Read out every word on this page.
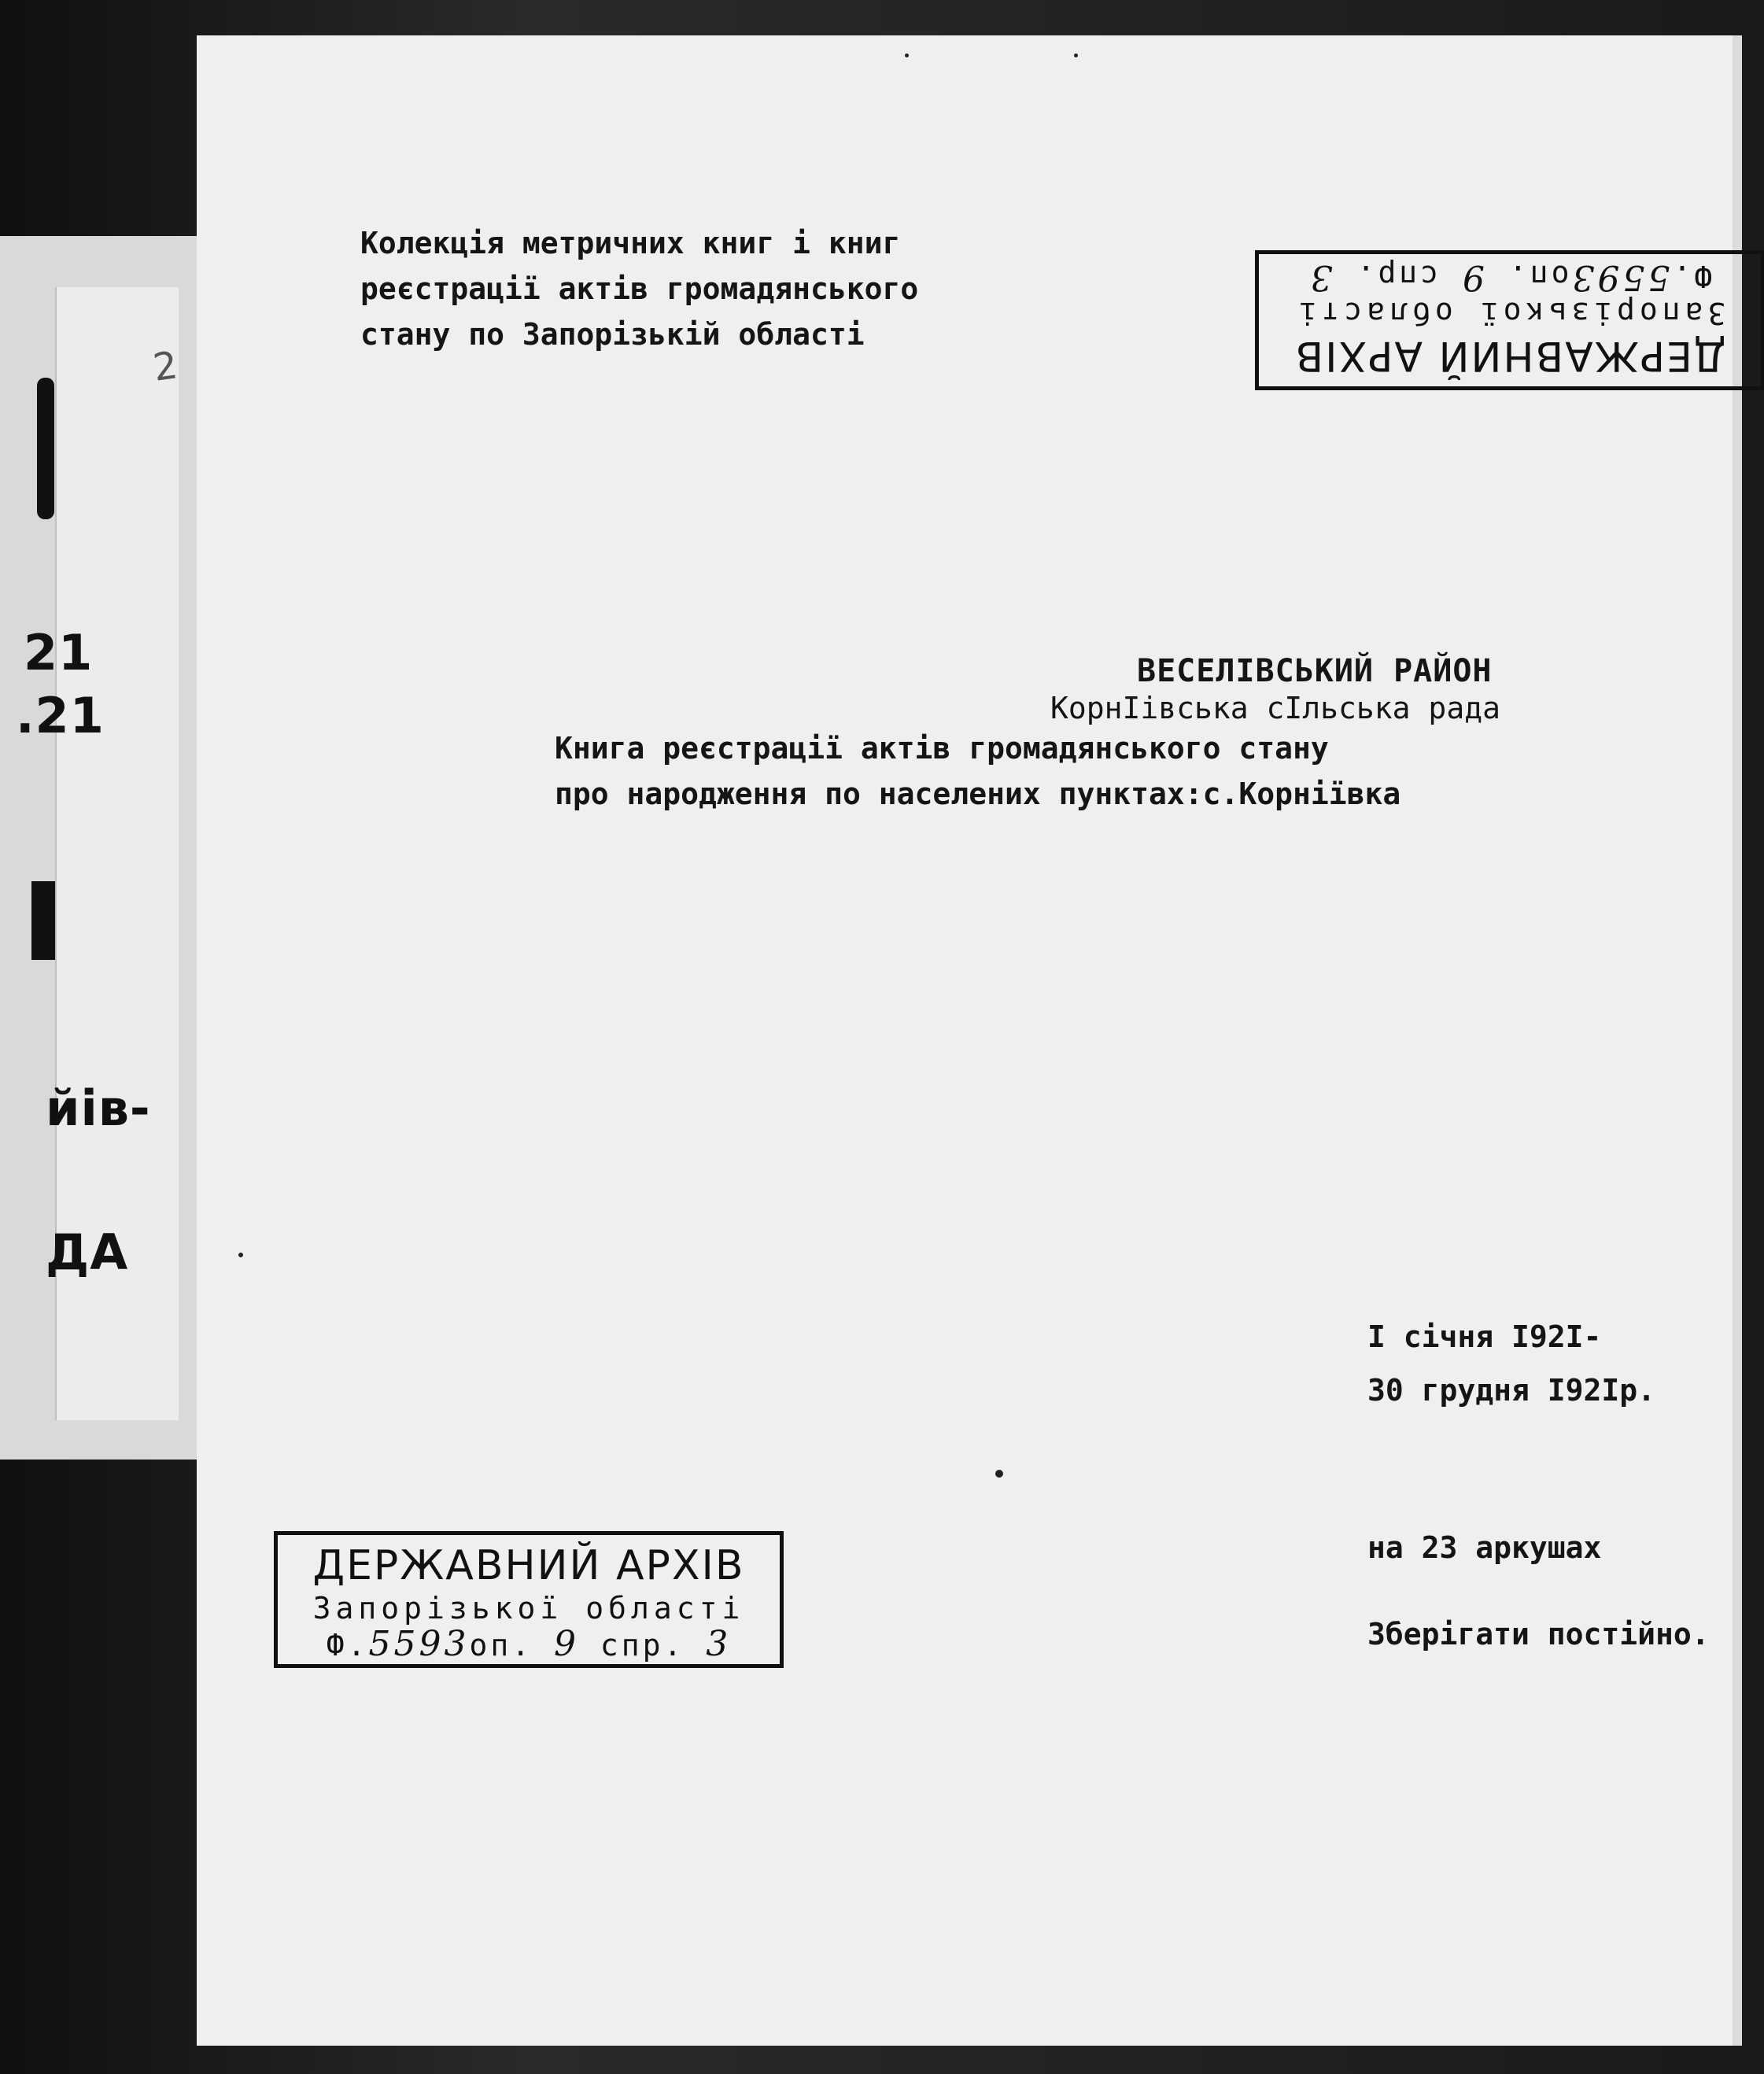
2
21
.21
йів-
ДА
Колекція метричних книг і книг
реєстрації актів громадянського
стану по Запорізькій області	ДЕРЖАВНИЙ АРХІВ
Запорізької області
Ф.5593оп. 9 спр. 3
ВЕСЕЛІВСЬКИЙ РАЙОН
КорнІівська сІльська рада
Книга реєстрації актів громадянського стану
про народження по населених пунктах:с.Корніївка
І січня І92І-
30 грудня І92Ір.
на 23 аркушах
Зберігати постійно.
ДЕРЖАВНИЙ АРХІВ
Запорізької області
Ф.5593оп. 9 спр. 3
